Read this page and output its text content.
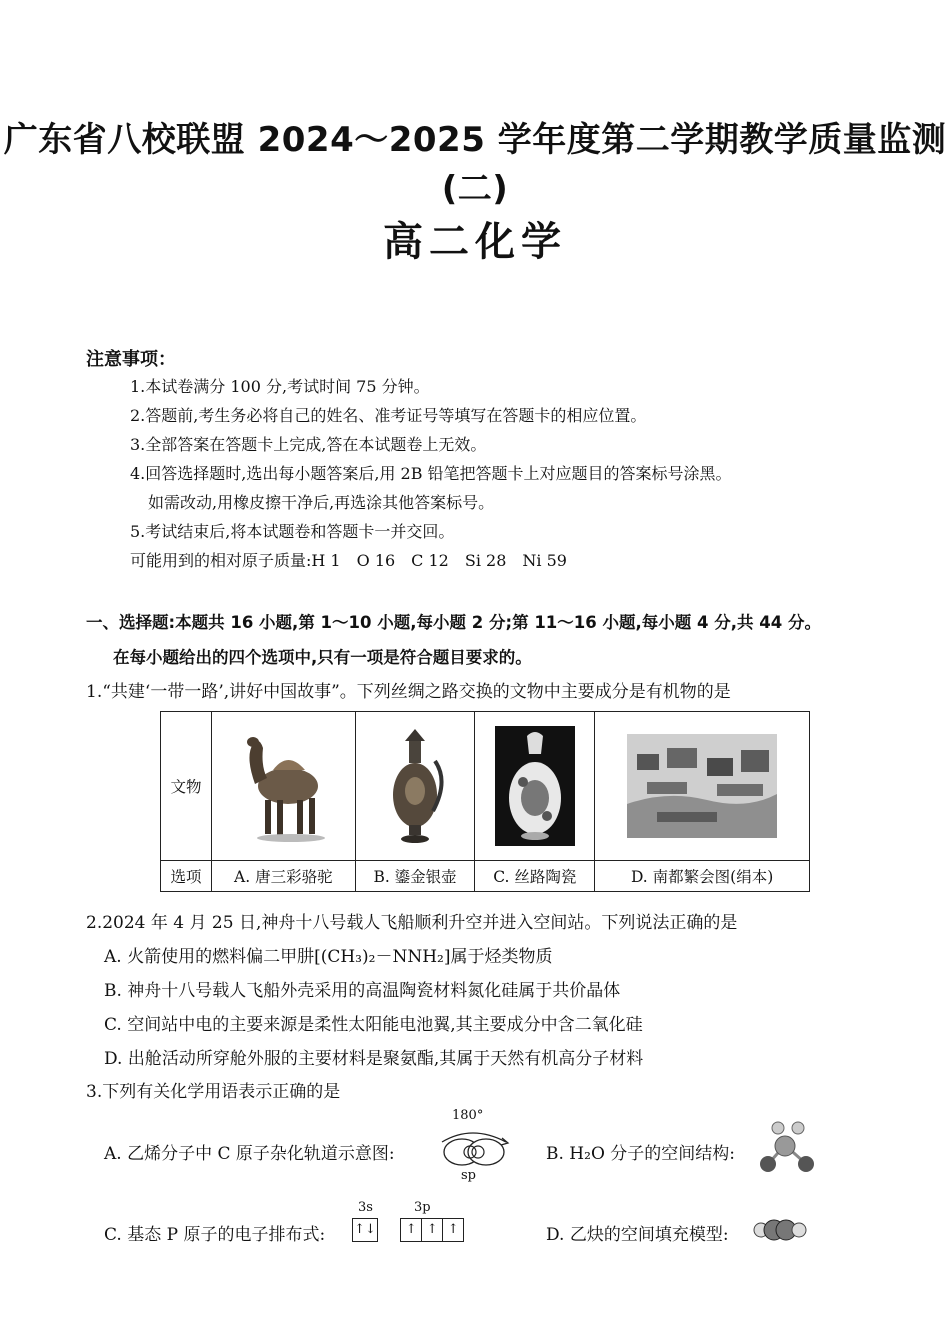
广东省八校联盟 2024～2025 学年度第二学期教学质量监测(二)
高二化学
注意事项：
1.本试卷满分 100 分,考试时间 75 分钟。
2.答题前,考生务必将自己的姓名、准考证号等填写在答题卡的相应位置。
3.全部答案在答题卡上完成,答在本试题卷上无效。
4.回答选择题时,选出每小题答案后,用 2B 铅笔把答题卡上对应题目的答案标号涂黑。
如需改动,用橡皮擦干净后,再选涂其他答案标号。
5.考试结束后,将本试题卷和答题卡一并交回。
可能用到的相对原子质量:H 1　O 16　C 12　Si 28　Ni 59
一、选择题:本题共 16 小题,第 1～10 小题,每小题 2 分;第 11～16 小题,每小题 4 分,共 44 分。
在每小题给出的四个选项中,只有一项是符合题目要求的。
1.“共建‘一带一路’,讲好中国故事”。下列丝绸之路交换的文物中主要成分是有机物的是
文物	

选项	A. 唐三彩骆驼	B. 鎏金银壶	C. 丝路陶瓷	D. 南都繁会图(绢本)
2.2024 年 4 月 25 日,神舟十八号载人飞船顺利升空并进入空间站。下列说法正确的是
A. 火箭使用的燃料偏二甲肼[(CH₃)₂－NNH₂]属于烃类物质
B. 神舟十八号载人飞船外壳采用的高温陶瓷材料氮化硅属于共价晶体
C. 空间站中电的主要来源是柔性太阳能电池翼,其主要成分中含二氧化硅
D. 出舱活动所穿舱外服的主要材料是聚氨酯,其属于天然有机高分子材料
3.下列有关化学用语表示正确的是
A. 乙烯分子中 C 原子杂化轨道示意图:
180°
sp
B. H₂O 分子的空间结构:
C. 基态 P 原子的电子排布式:
3s	3p
↑↓ ↑ ↑ ↑	D. 乙炔的空间填充模型:
